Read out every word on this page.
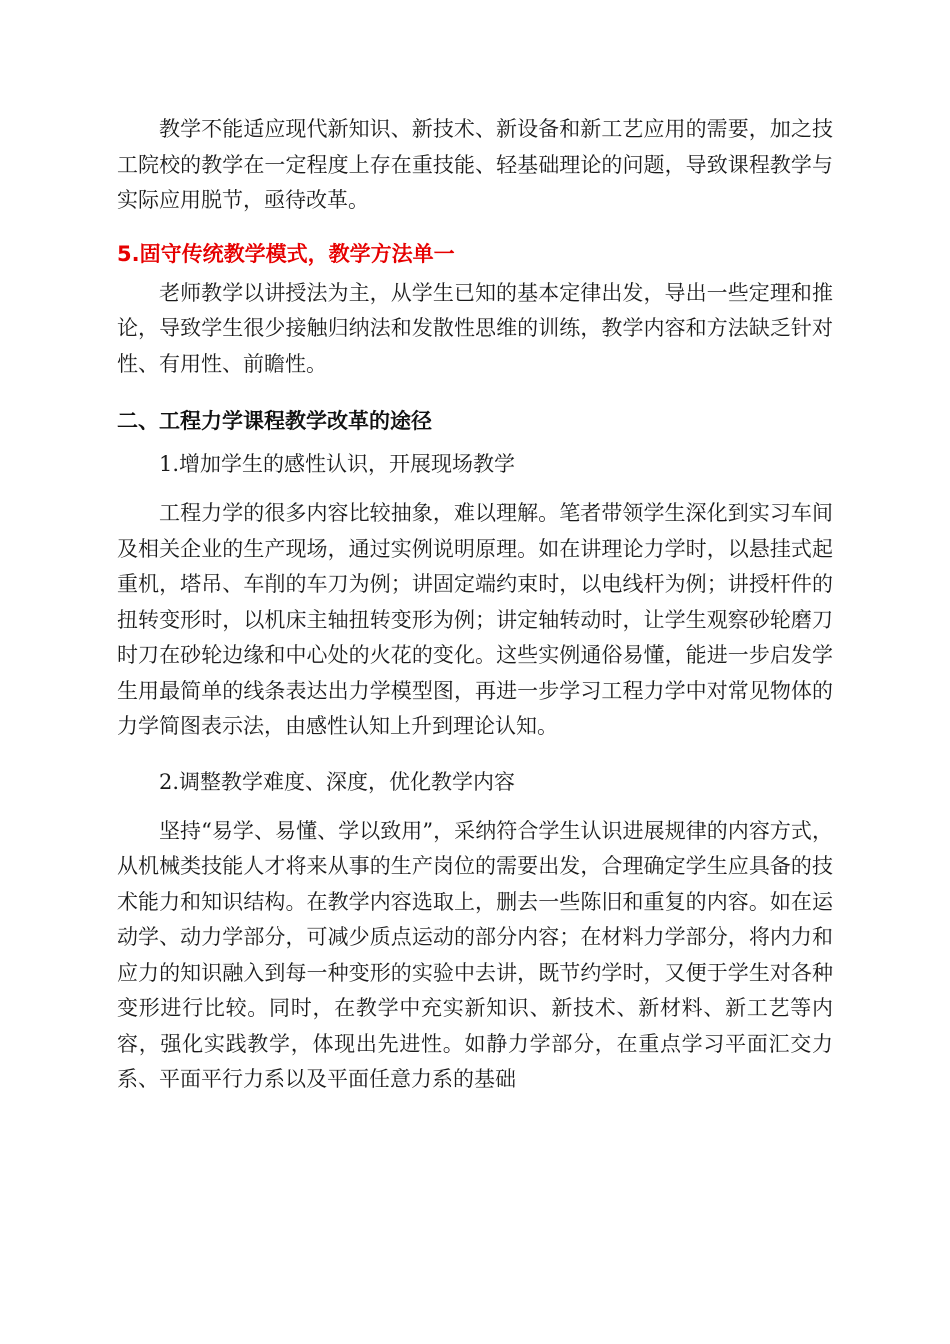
教学不能适应现代新知识、新技术、新设备和新工艺应用的需要，加之技工院校的教学在一定程度上存在重技能、轻基础理论的问题，导致课程教学与实际应用脱节，亟待改革。

5.固守传统教学模式，教学方法单一

老师教学以讲授法为主，从学生已知的基本定律出发，导出一些定理和推论，导致学生很少接触归纳法和发散性思维的训练，教学内容和方法缺乏针对性、有用性、前瞻性。

二、工程力学课程教学改革的途径
1.增加学生的感性认识，开展现场教学

工程力学的很多内容比较抽象，难以理解。笔者带领学生深化到实习车间及相关企业的生产现场，通过实例说明原理。如在讲理论力学时，以悬挂式起重机，塔吊、车削的车刀为例；讲固定端约束时，以电线杆为例；讲授杆件的扭转变形时，以机床主轴扭转变形为例；讲定轴转动时，让学生观察砂轮磨刀时刀在砂轮边缘和中心处的火花的变化。这些实例通俗易懂，能进一步启发学生用最简单的线条表达出力学模型图，再进一步学习工程力学中对常见物体的力学简图表示法，由感性认知上升到理论认知。

2.调整教学难度、深度，优化教学内容

坚持“易学、易懂、学以致用”，采纳符合学生认识进展规律的内容方式，从机械类技能人才将来从事的生产岗位的需要出发，合理确定学生应具备的技术能力和知识结构。在教学内容选取上，删去一些陈旧和重复的内容。如在运动学、动力学部分，可减少质点运动的部分内容；在材料力学部分，将内力和应力的知识融入到每一种变形的实验中去讲，既节约学时，又便于学生对各种变形进行比较。同时，在教学中充实新知识、新技术、新材料、新工艺等内容，强化实践教学，体现出先进性。如静力学部分，在重点学习平面汇交力系、平面平行力系以及平面任意力系的基础
